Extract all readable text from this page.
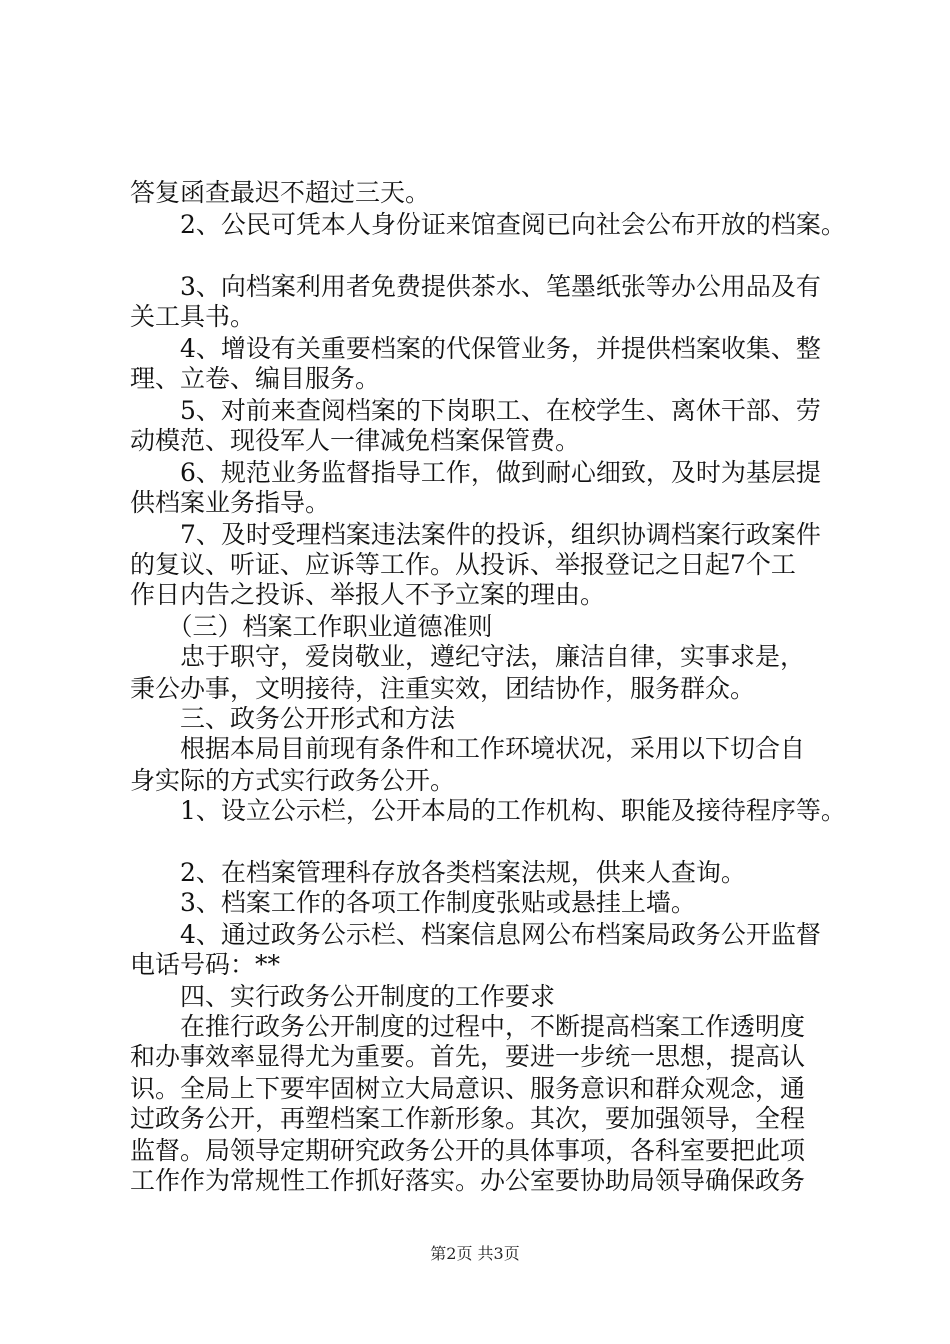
答复函查最迟不超过三天。

　　2、公民可凭本人身份证来馆查阅已向社会公布开放的档案。

　　3、向档案利用者免费提供茶水、笔墨纸张等办公用品及有

关工具书。

　　4、增设有关重要档案的代保管业务，并提供档案收集、整

理、立卷、编目服务。

　　5、对前来查阅档案的下岗职工、在校学生、离休干部、劳

动模范、现役军人一律减免档案保管费。

　　6、规范业务监督指导工作，做到耐心细致，及时为基层提

供档案业务指导。

　　7、及时受理档案违法案件的投诉，组织协调档案行政案件

的复议、听证、应诉等工作。从投诉、举报登记之日起7个工

作日内告之投诉、举报人不予立案的理由。

　　（三）档案工作职业道德准则

　　忠于职守，爱岗敬业，遵纪守法，廉洁自律，实事求是，

秉公办事，文明接待，注重实效，团结协作，服务群众。

　　三、政务公开形式和方法

　　根据本局目前现有条件和工作环境状况，采用以下切合自

身实际的方式实行政务公开。

　　1、设立公示栏，公开本局的工作机构、职能及接待程序等。

　　2、在档案管理科存放各类档案法规，供来人查询。

　　3、档案工作的各项工作制度张贴或悬挂上墙。

　　4、通过政务公示栏、档案信息网公布档案局政务公开监督

电话号码：**

　　四、实行政务公开制度的工作要求

　　在推行政务公开制度的过程中，不断提高档案工作透明度

和办事效率显得尤为重要。首先，要进一步统一思想，提高认

识。全局上下要牢固树立大局意识、服务意识和群众观念，通

过政务公开，再塑档案工作新形象。其次，要加强领导，全程

监督。局领导定期研究政务公开的具体事项，各科室要把此项

工作作为常规性工作抓好落实。办公室要协助局领导确保政务

第2页 共3页
